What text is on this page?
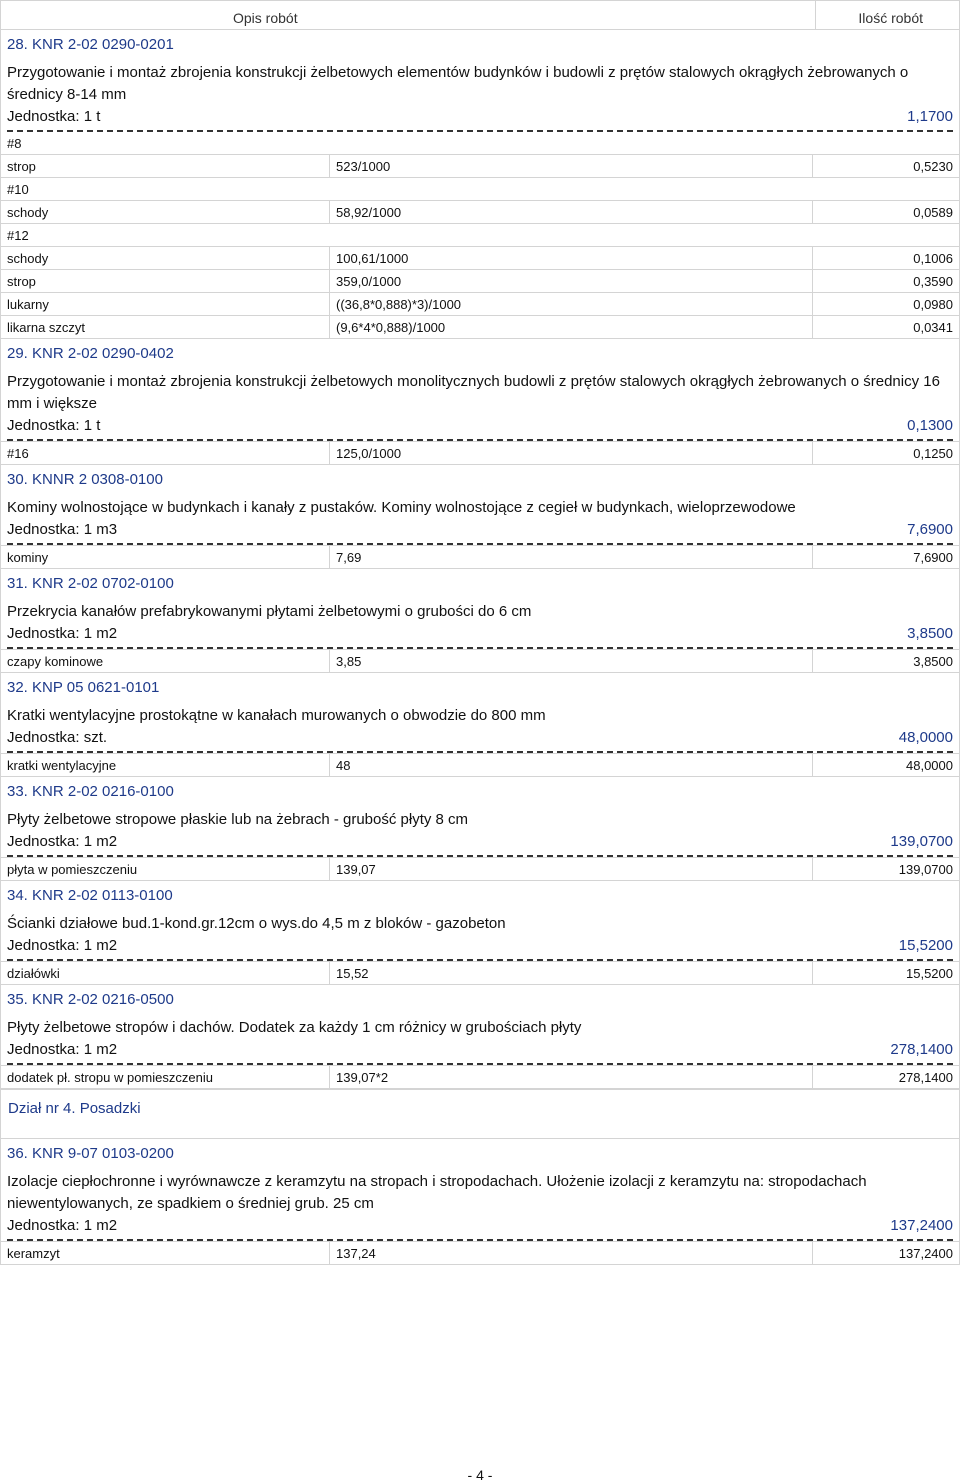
Opis robót	Ilość robót
28. KNR 2-02 0290-0201
Przygotowanie i montaż zbrojenia konstrukcji żelbetowych elementów budynków i budowli z prętów stalowych okrągłych żebrowanych o średnicy 8-14 mm
Jednostka: 1 t	1,1700
#8		
strop	523/1000	0,5230
#10		
schody	58,92/1000	0,0589
#12		
schody	100,61/1000	0,1006
strop	359,0/1000	0,3590
lukarny	((36,8*0,888)*3)/1000	0,0980
likarna szczyt	(9,6*4*0,888)/1000	0,0341
29. KNR 2-02 0290-0402
Przygotowanie i montaż zbrojenia konstrukcji żelbetowych monolitycznych budowli z prętów stalowych okrągłych żebrowanych o średnicy 16 mm i większe
Jednostka: 1 t	0,1300
#16	125,0/1000	0,1250
30. KNNR 2 0308-0100
Kominy wolnostojące w budynkach i kanały z pustaków. Kominy wolnostojące z cegieł w budynkach, wieloprzewodowe
Jednostka: 1 m3	7,6900
kominy	7,69	7,6900
31. KNR 2-02 0702-0100
Przekrycia kanałów prefabrykowanymi płytami żelbetowymi o grubości do 6 cm
Jednostka: 1 m2	3,8500
czapy kominowe	3,85	3,8500
32. KNP 05 0621-0101
Kratki wentylacyjne prostokątne w kanałach murowanych o obwodzie do 800 mm
Jednostka: szt.	48,0000
kratki wentylacyjne	48	48,0000
33. KNR 2-02 0216-0100
Płyty żelbetowe stropowe płaskie lub na żebrach - grubość płyty 8 cm
Jednostka: 1 m2	139,0700
płyta w pomieszczeniu	139,07	139,0700
34. KNR 2-02 0113-0100
Ścianki działowe bud.1-kond.gr.12cm o wys.do 4,5 m z bloków - gazobeton
Jednostka: 1 m2	15,5200
działówki	15,52	15,5200
35. KNR 2-02 0216-0500
Płyty żelbetowe stropów i dachów. Dodatek za każdy 1 cm różnicy w grubościach płyty
Jednostka: 1 m2	278,1400
dodatek pł. stropu w pomieszczeniu	139,07*2	278,1400
Dział nr 4. Posadzki
36. KNR 9-07 0103-0200
Izolacje ciepłochronne i wyrównawcze z keramzytu na stropach i stropodachach. Ułożenie izolacji z keramzytu na: stropodachach niewentylowanych, ze spadkiem o średniej grub. 25 cm
Jednostka: 1 m2	137,2400
keramzyt	137,24	137,2400
- 4 -
